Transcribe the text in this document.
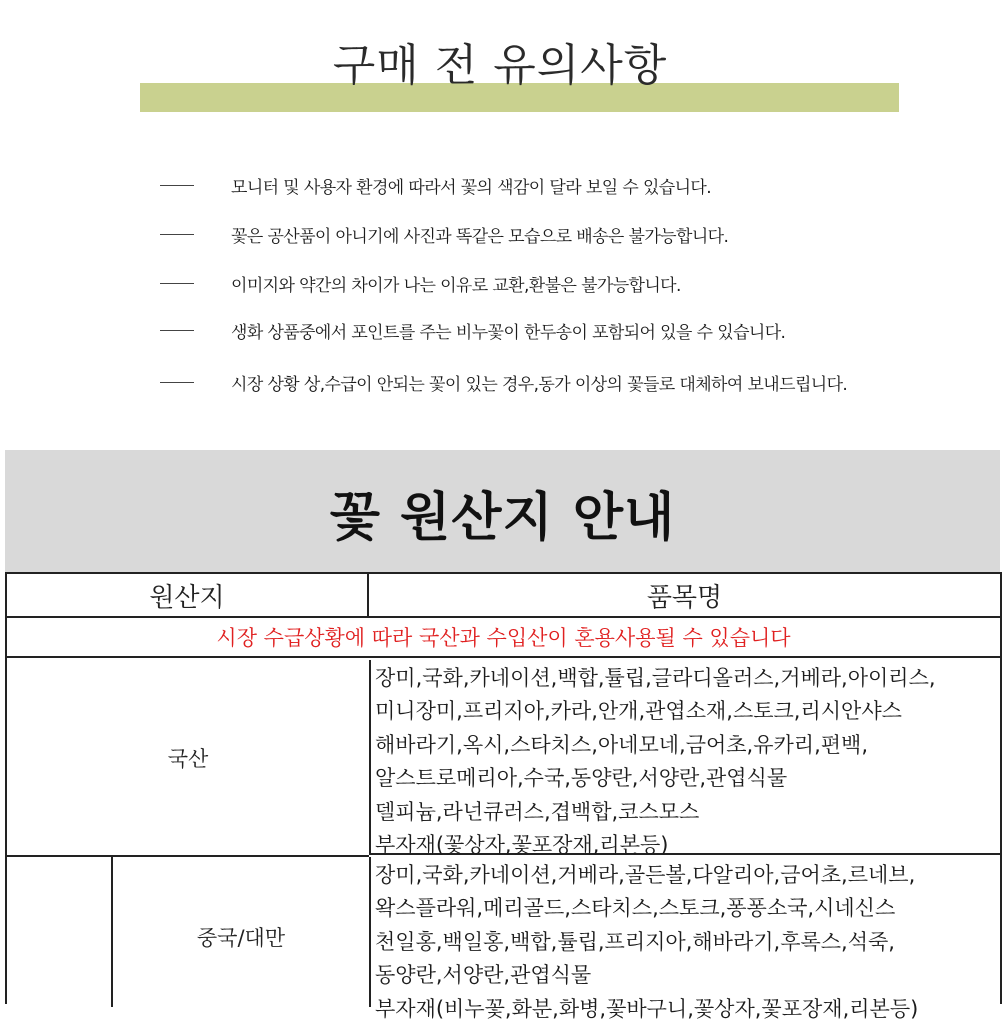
구매 전 유의사항
모니터 및 사용자 환경에 따라서 꽃의 색감이 달라 보일 수 있습니다.
꽃은 공산품이 아니기에 사진과 똑같은 모습으로 배송은 불가능합니다.
이미지와 약간의 차이가 나는 이유로 교환,환불은 불가능합니다.
생화 상품중에서 포인트를 주는 비누꽃이 한두송이 포함되어 있을 수 있습니다.
시장 상황 상,수급이 안되는 꽃이 있는 경우,동가 이상의 꽃들로 대체하여 보내드립니다.
꽃 원산지 안내
원산지	품목명
시장 수급상황에 따라 국산과 수입산이 혼용사용될 수 있습니다
국산
장미,국화,카네이션,백합,튤립,글라디올러스,거베라,아이리스,
미니장미,프리지아,카라,안개,관엽소재,스토크,리시안샤스
해바라기,옥시,스타치스,아네모네,금어초,유카리,편백,
알스트로메리아,수국,동양란,서양란,관엽식물
델피늄,라넌큐러스,겹백합,코스모스
부자재(꽃상자,꽃포장재,리본등)
중국/대만
장미,국화,카네이션,거베라,골든볼,다알리아,금어초,르네브,
왁스플라워,메리골드,스타치스,스토크,퐁퐁소국,시네신스
천일홍,백일홍,백합,튤립,프리지아,해바라기,후록스,석죽,
동양란,서양란,관엽식물
부자재(비누꽃,화분,화병,꽃바구니,꽃상자,꽃포장재,리본등)
